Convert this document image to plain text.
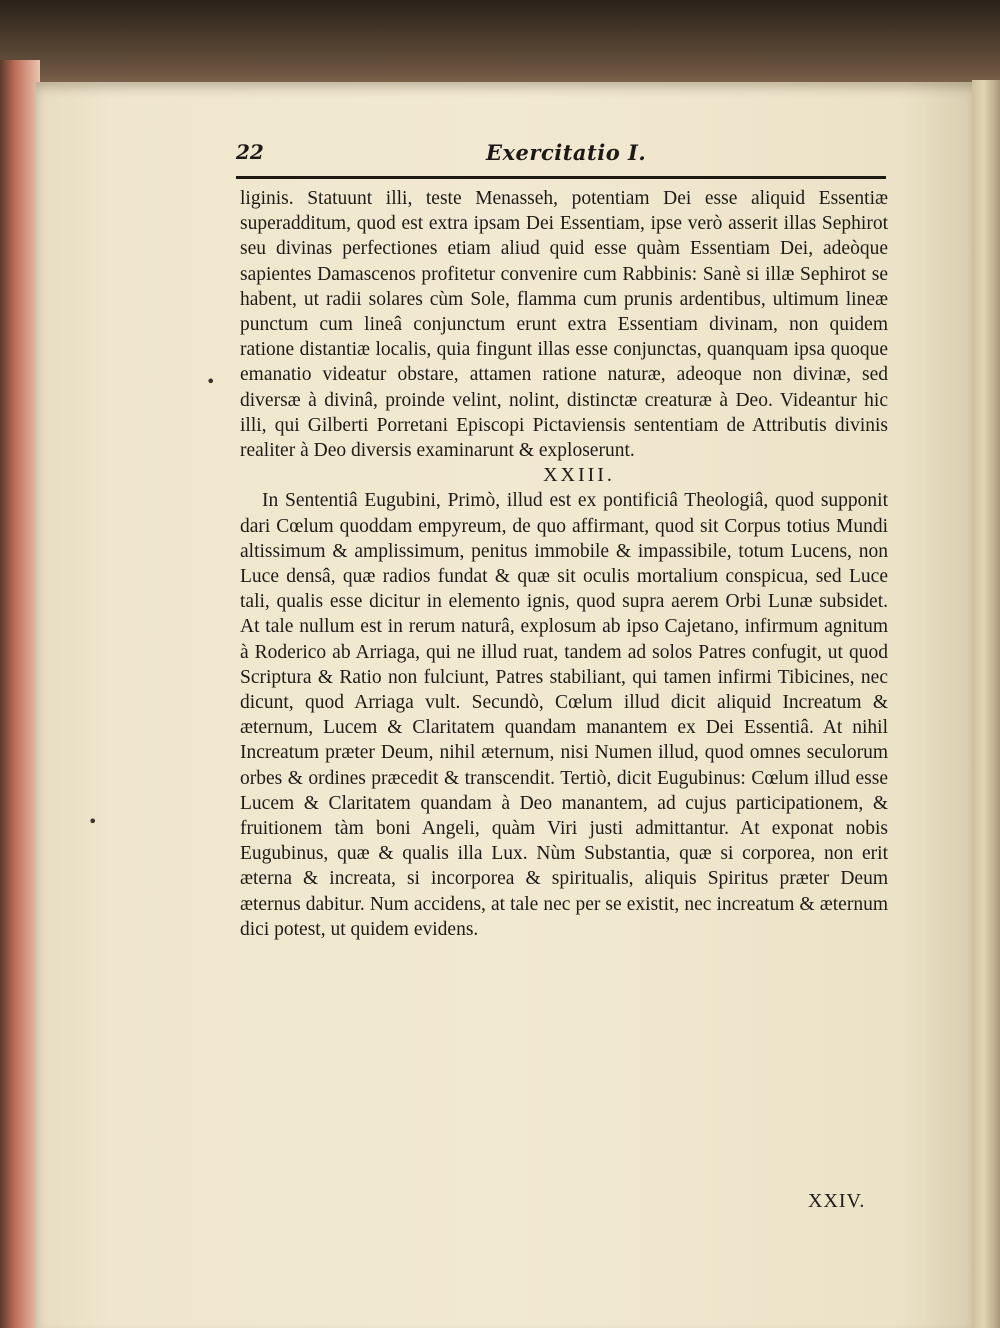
22	Exercitatio I.
•
•

liginis. Statuunt illi, teste Menasseh, potentiam Dei esse aliquid Essentiæ superadditum, quod est extra ipsam Dei Essentiam, ipse verò asserit illas Sephirot seu divinas perfectiones etiam aliud quid esse quàm Essentiam Dei, adeòque sapientes Damascenos profitetur convenire cum Rabbinis: Sanè si illæ Sephirot se habent, ut radii solares cùm Sole, flamma cum prunis ardentibus, ultimum lineæ punctum cum lineâ conjunctum erunt extra Essentiam divinam, non quidem ratione distantiæ localis, quia fingunt illas esse conjunctas, quanquam ipsa quoque emanatio videatur obstare, attamen ratione naturæ, adeoque non divinæ, sed diversæ à divinâ, proinde velint, nolint, distinctæ creaturæ à Deo. Videantur hic illi, qui Gilberti Porretani Episcopi Pictaviensis sententiam de Attributis divinis realiter à Deo diversis examinarunt & exploserunt.

XXIII.

In Sententiâ Eugubini, Primò, illud est ex pontificiâ Theologiâ, quod supponit dari Cœlum quoddam empyreum, de quo affirmant, quod sit Corpus totius Mundi altissimum & amplissimum, penitus immobile & impassibile, totum Lucens, non Luce densâ, quæ radios fundat & quæ sit oculis mortalium conspicua, sed Luce tali, qualis esse dicitur in elemento ignis, quod supra aerem Orbi Lunæ subsidet. At tale nullum est in rerum naturâ, explosum ab ipso Cajetano, infirmum agnitum à Roderico ab Arriaga, qui ne illud ruat, tandem ad solos Patres confugit, ut quod Scriptura & Ratio non fulciunt, Patres stabiliant, qui tamen infirmi Tibicines, nec dicunt, quod Arriaga vult. Secundò, Cœlum illud dicit aliquid Increatum & æternum, Lucem & Claritatem quandam manantem ex Dei Essentiâ. At nihil Increatum præter Deum, nihil æternum, nisi Numen illud, quod omnes seculorum orbes & ordines præcedit & transcendit. Tertiò, dicit Eugubinus: Cœlum illud esse Lucem & Claritatem quandam à Deo manantem, ad cujus participationem, & fruitionem tàm boni Angeli, quàm Viri justi admittantur. At exponat nobis Eugubinus, quæ & qualis illa Lux. Nùm Substantia, quæ si corporea, non erit æterna & increata, si incorporea & spiritualis, aliquis Spiritus præter Deum æternus dabitur. Num accidens, at tale nec per se existit, nec increatum & æternum dici potest, ut quidem evidens.

XXIV.
